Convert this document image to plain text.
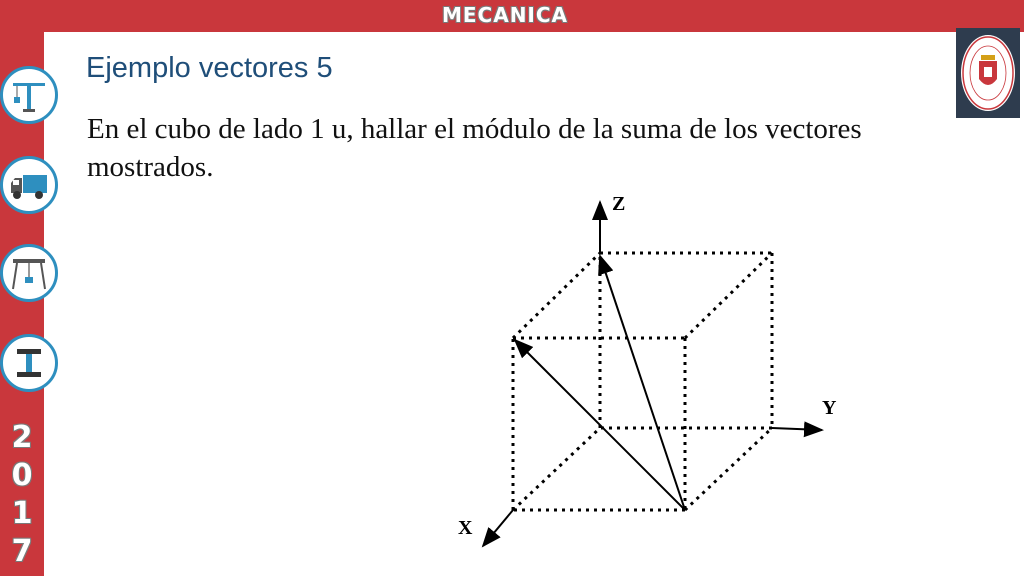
MECANICA
2
0
1
7
Ejemplo vectores 5
En el cubo de lado 1 u, hallar el módulo de la suma de los vectores mostrados.
Z
Y
X
